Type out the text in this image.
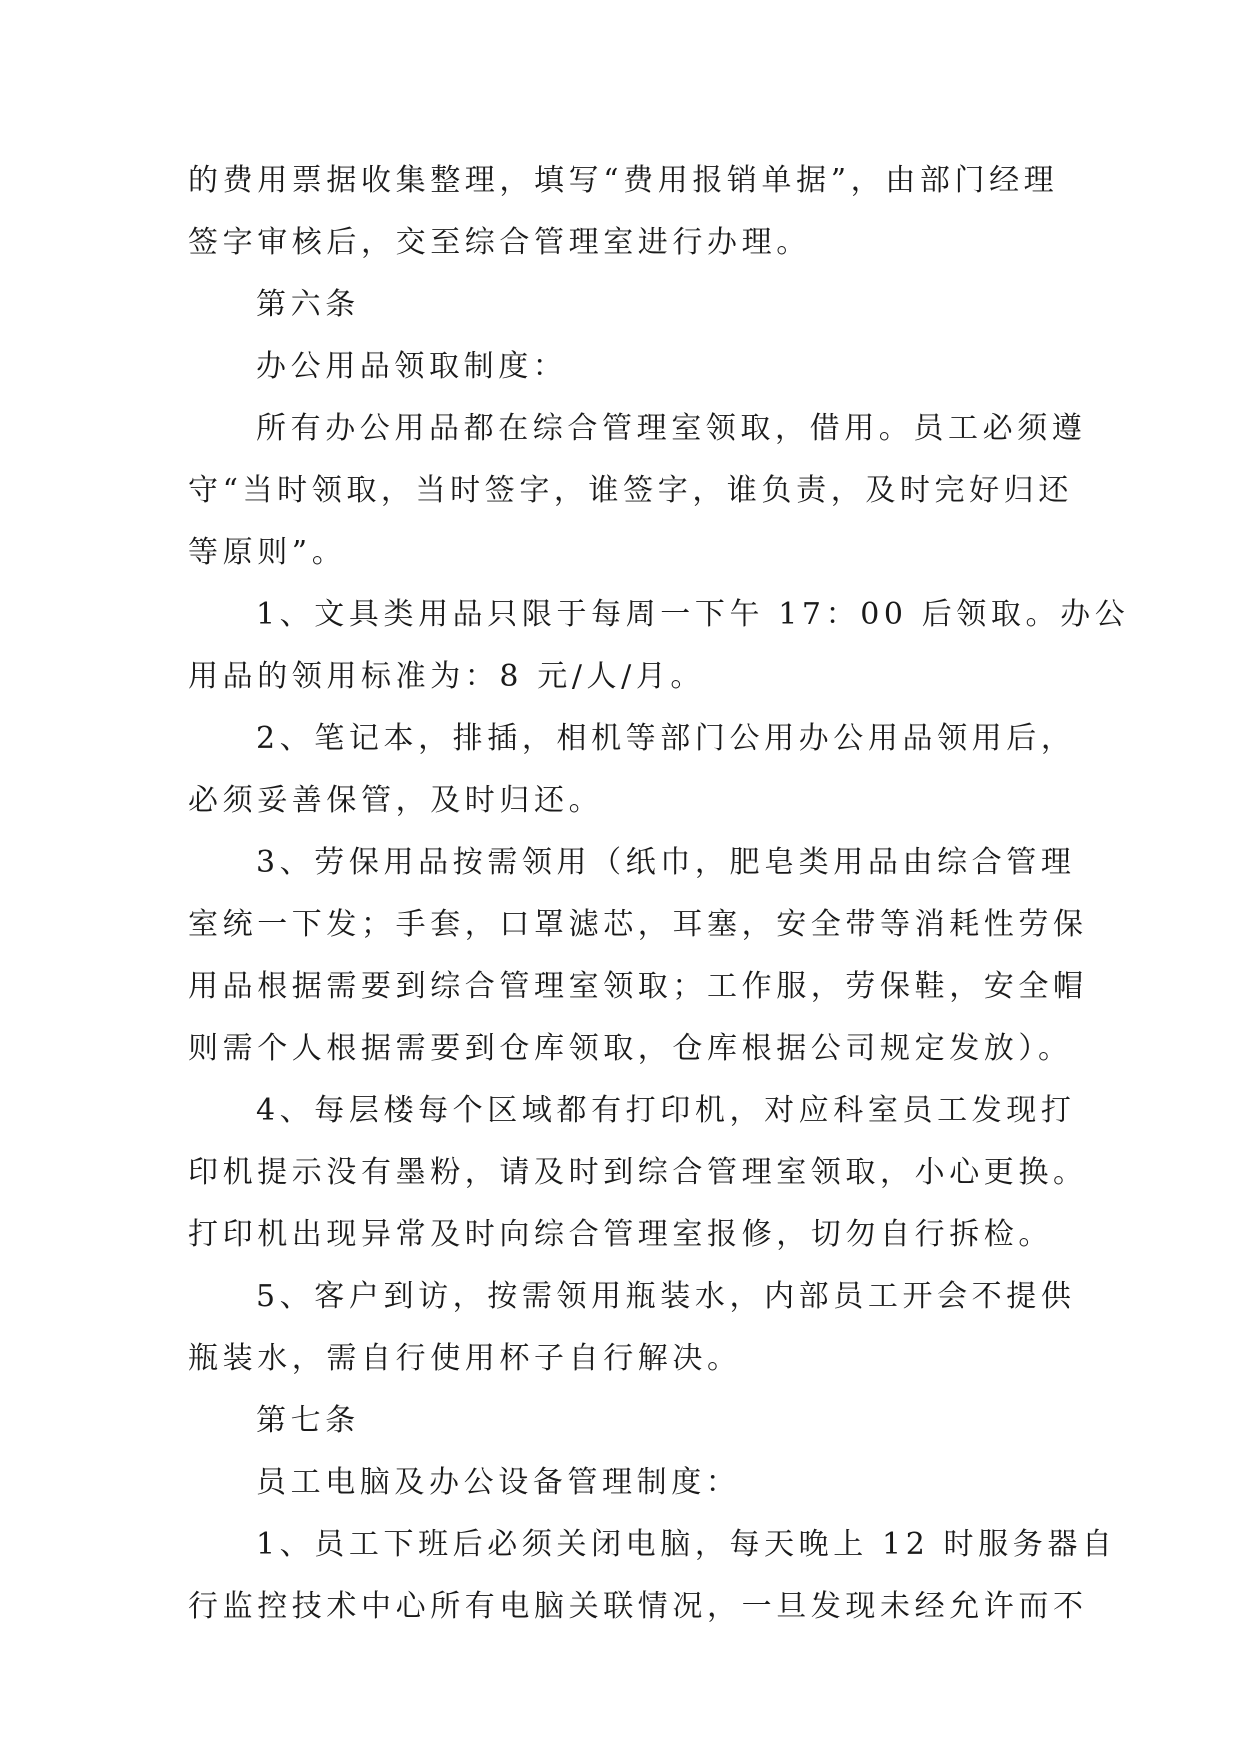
的费用票据收集整理，填写“费用报销单据”，由部门经理

签字审核后，交至综合管理室进行办理。

第六条

办公用品领取制度：

所有办公用品都在综合管理室领取，借用。员工必须遵

守“当时领取，当时签字，谁签字，谁负责，及时完好归还

等原则”。

1、文具类用品只限于每周一下午 17：00 后领取。办公

用品的领用标准为：8 元/人/月。

2、笔记本，排插，相机等部门公用办公用品领用后，

必须妥善保管，及时归还。

3、劳保用品按需领用（纸巾，肥皂类用品由综合管理

室统一下发；手套，口罩滤芯，耳塞，安全带等消耗性劳保

用品根据需要到综合管理室领取；工作服，劳保鞋，安全帽

则需个人根据需要到仓库领取，仓库根据公司规定发放）。

4、每层楼每个区域都有打印机，对应科室员工发现打

印机提示没有墨粉，请及时到综合管理室领取，小心更换。

打印机出现异常及时向综合管理室报修，切勿自行拆检。

5、客户到访，按需领用瓶装水，内部员工开会不提供

瓶装水，需自行使用杯子自行解决。

第七条

员工电脑及办公设备管理制度：

1、员工下班后必须关闭电脑，每天晚上 12 时服务器自

行监控技术中心所有电脑关联情况，一旦发现未经允许而不
